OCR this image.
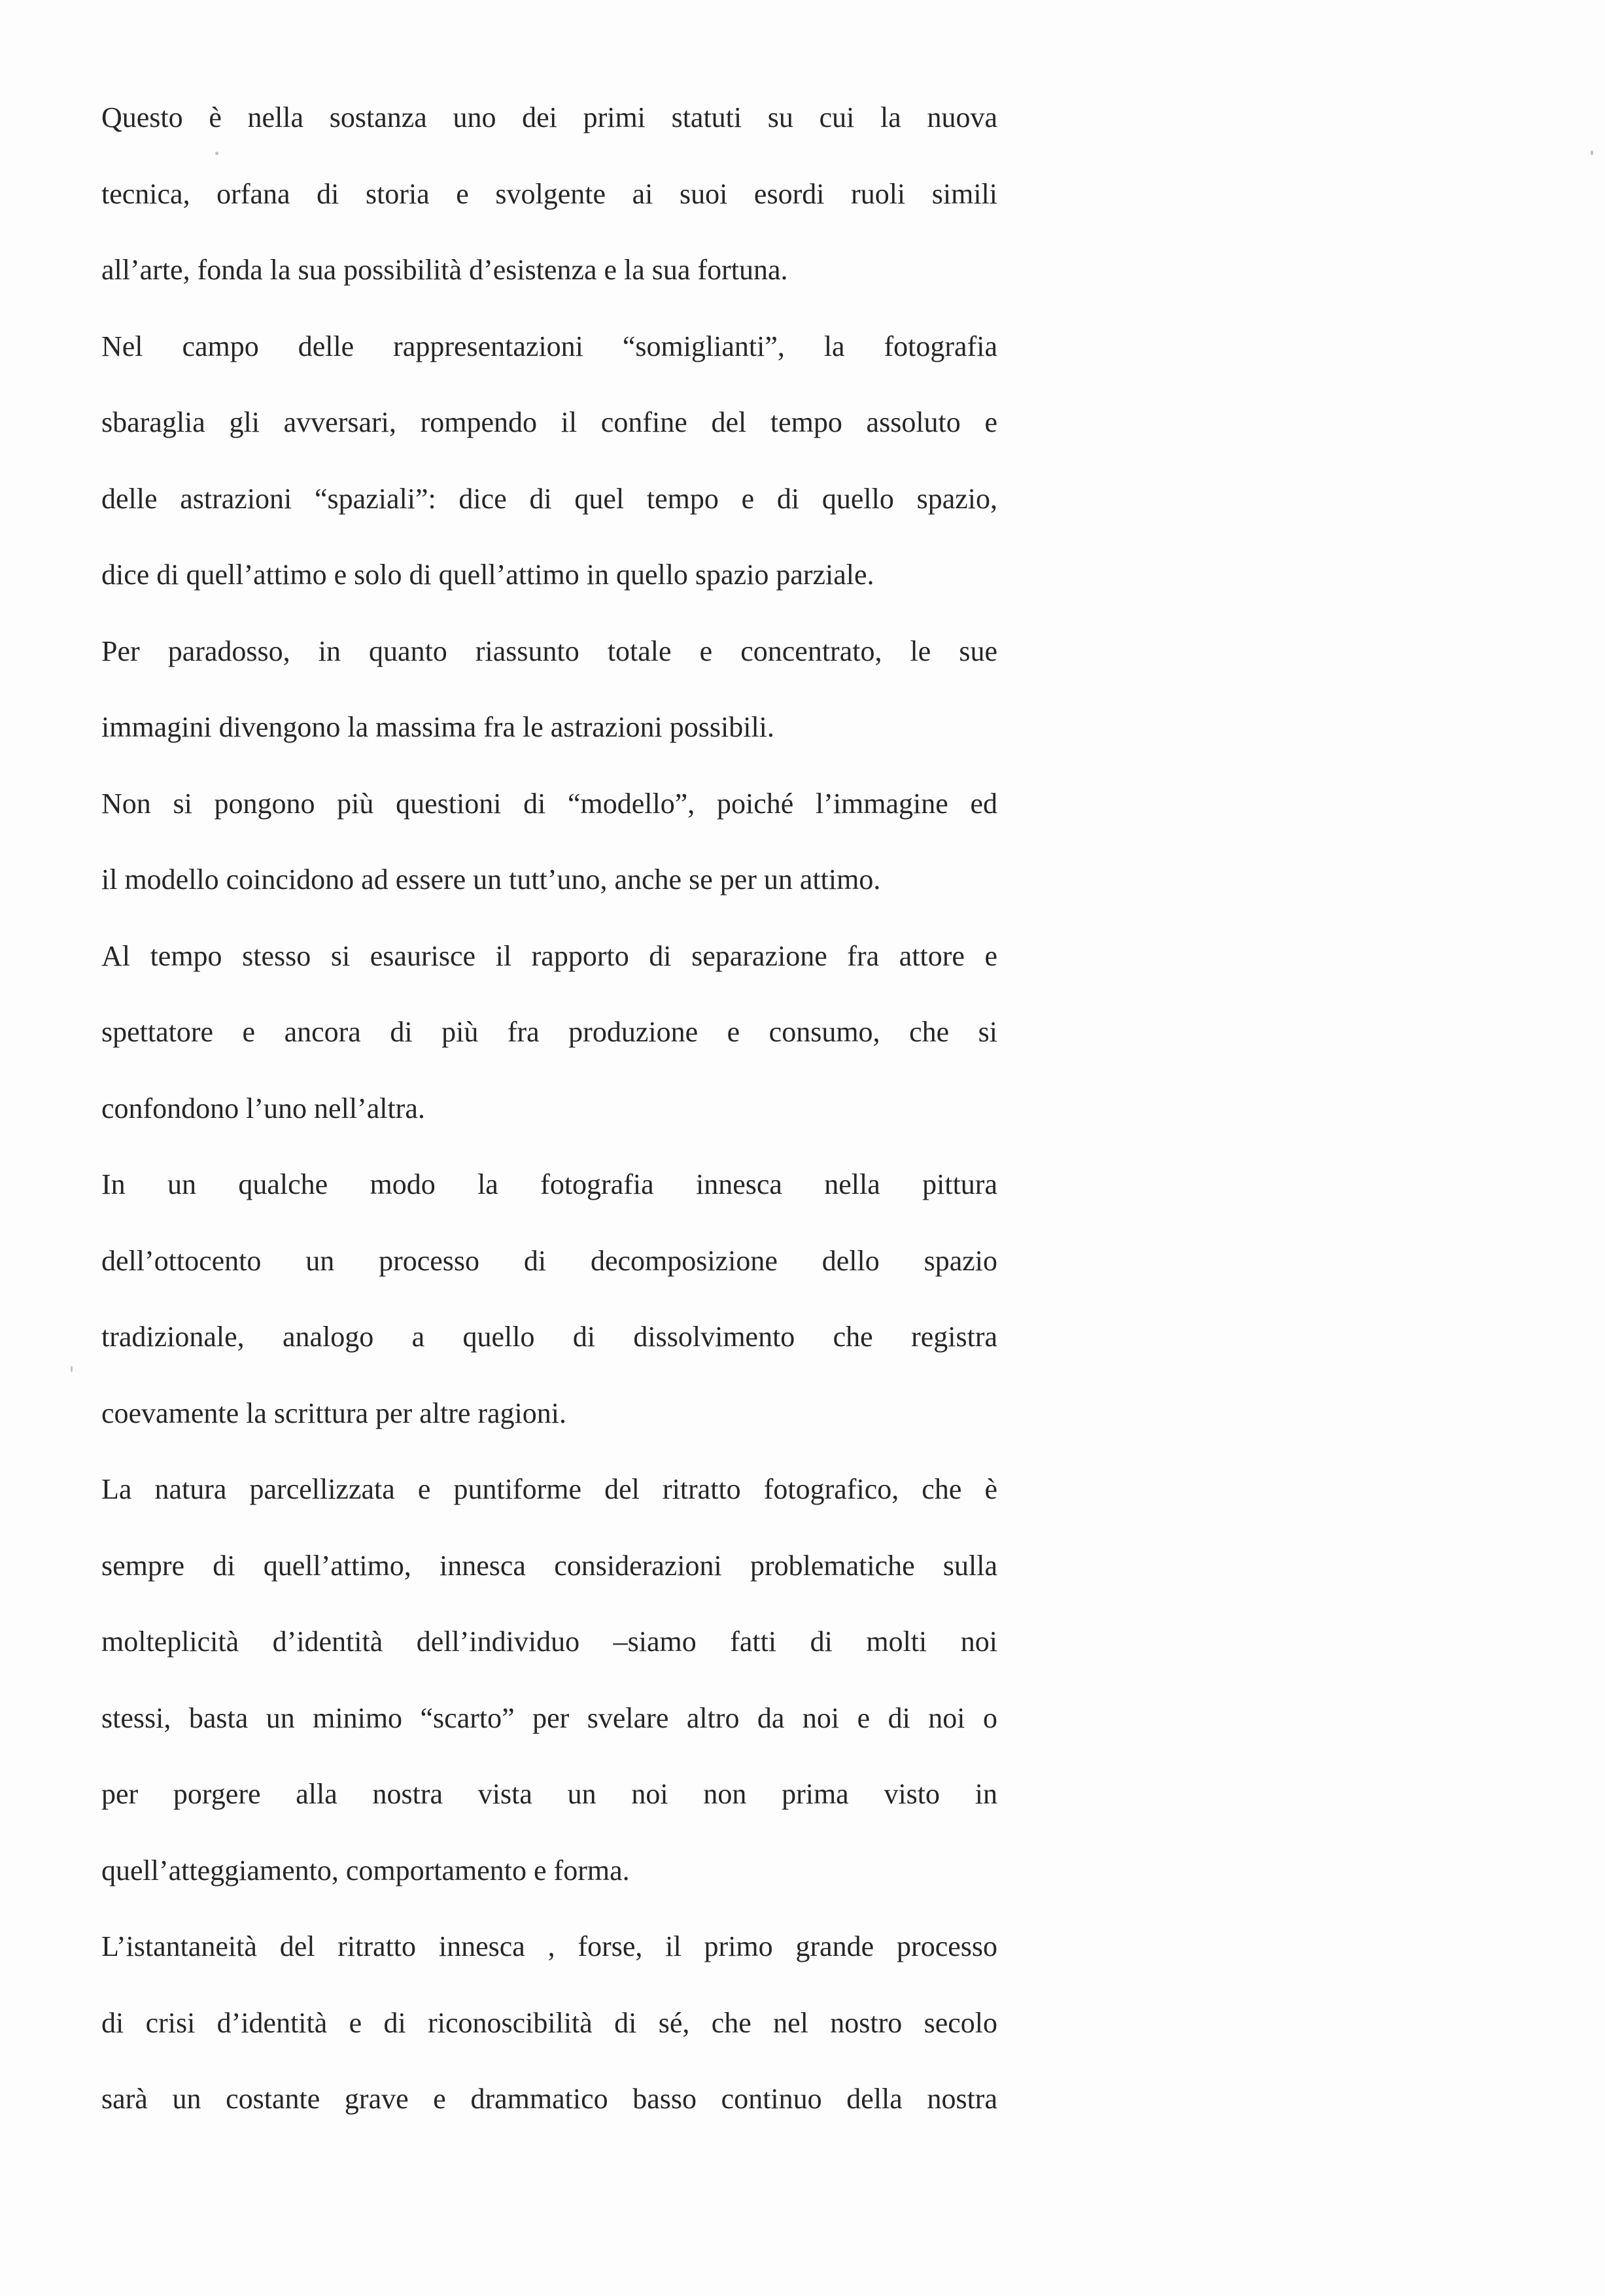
Questo è nella sostanza uno dei primi statuti su cui la nuova
tecnica, orfana di storia e svolgente ai suoi esordi ruoli simili
all’arte, fonda la sua possibilità d’esistenza e la sua fortuna.
Nel campo delle rappresentazioni “somiglianti”, la fotografia
sbaraglia gli avversari, rompendo il confine del tempo assoluto e
delle astrazioni “spaziali”: dice di quel tempo e di quello spazio,
dice di quell’attimo e solo di quell’attimo in quello spazio parziale.
Per paradosso, in quanto riassunto totale e concentrato, le sue
immagini divengono la massima fra le astrazioni possibili.
Non si pongono più questioni di “modello”, poiché l’immagine ed
il modello coincidono ad essere un tutt’uno, anche se per un attimo.
Al tempo stesso si esaurisce il rapporto di separazione fra attore e
spettatore e ancora di più fra produzione e consumo, che si
confondono l’uno nell’altra.
In un qualche modo la fotografia innesca nella pittura
dell’ottocento un processo di decomposizione dello spazio
tradizionale, analogo a quello di dissolvimento che registra
coevamente la scrittura per altre ragioni.
La natura parcellizzata e puntiforme del ritratto fotografico, che è
sempre di quell’attimo, innesca considerazioni problematiche sulla
molteplicità d’identità dell’individuo –siamo fatti di molti noi
stessi, basta un minimo “scarto” per svelare altro da noi e di noi o
per porgere alla nostra vista un noi non prima visto in
quell’atteggiamento, comportamento e forma.
L’istantaneità del ritratto innesca , forse, il primo grande processo
di crisi d’identità e di riconoscibilità di sé, che nel nostro secolo
sarà un costante grave e drammatico basso continuo della nostra
